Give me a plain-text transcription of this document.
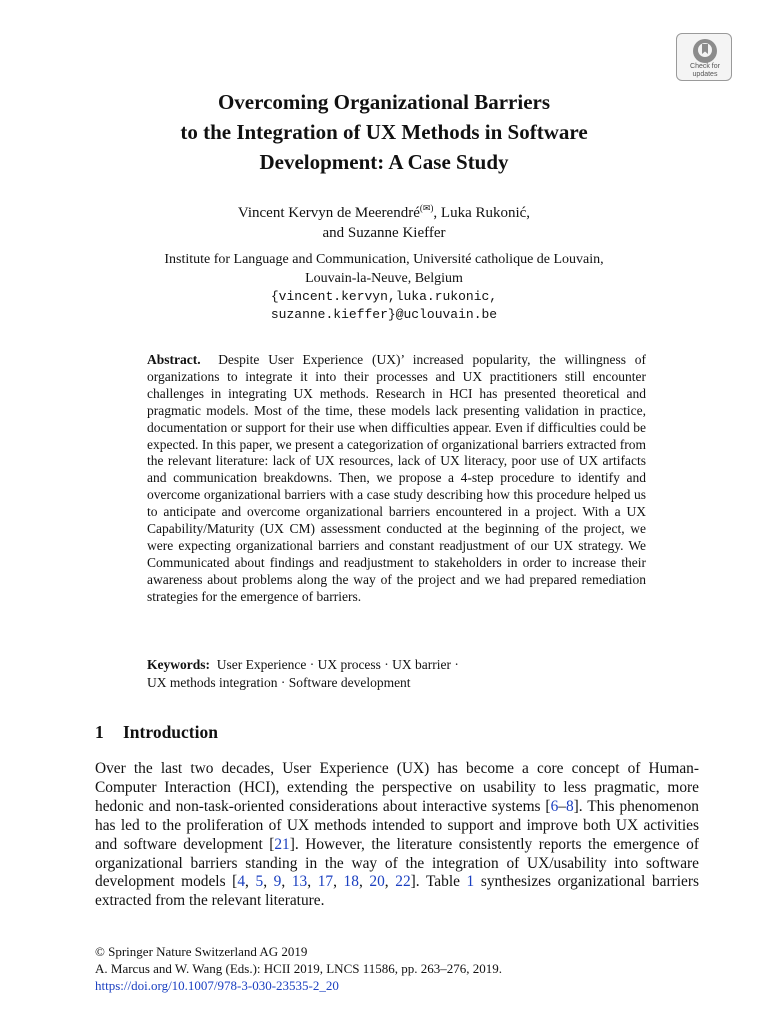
Check for
updates
Overcoming Organizational Barriers
to the Integration of UX Methods in Software
Development: A Case Study
Vincent Kervyn de Meerendré(✉), Luka Rukonić,
and Suzanne Kieffer
Institute for Language and Communication, Université catholique de Louvain,
Louvain-la-Neuve, Belgium
{vincent.kervyn,luka.rukonic,
suzanne.kieffer}@uclouvain.be
Abstract. Despite User Experience (UX)’ increased popularity, the willingness of organizations to integrate it into their processes and UX practitioners still encounter challenges in integrating UX methods. Research in HCI has presented theoretical and pragmatic models. Most of the time, these models lack presenting validation in practice, documentation or support for their use when difficulties appear. Even if difficulties could be expected. In this paper, we present a categorization of organizational barriers extracted from the relevant literature: lack of UX resources, lack of UX literacy, poor use of UX artifacts and communication breakdowns. Then, we propose a 4-step procedure to identify and overcome organizational barriers with a case study describing how this procedure helped us to anticipate and overcome organizational barriers encountered in a project. With a UX Capability/Maturity (UX CM) assessment conducted at the beginning of the project, we were expecting organizational barriers and constant readjustment of our UX strategy. We Communicated about findings and readjustment to stakeholders in order to increase their awareness about problems along the way of the project and we had prepared remediation strategies for the emergence of barriers.
Keywords: User Experience · UX process · UX barrier ·
UX methods integration · Software development
1 Introduction
Over the last two decades, User Experience (UX) has become a core concept of Human-Computer Interaction (HCI), extending the perspective on usability to less pragmatic, more hedonic and non-task-oriented considerations about interactive systems [6–8]. This phenomenon has led to the proliferation of UX methods intended to support and improve both UX activities and software development [21]. However, the literature consistently reports the emergence of organizational barriers standing in the way of the integration of UX/usability into software development models [4, 5, 9, 13, 17, 18, 20, 22]. Table 1 synthesizes organizational barriers extracted from the relevant literature.
© Springer Nature Switzerland AG 2019
A. Marcus and W. Wang (Eds.): HCII 2019, LNCS 11586, pp. 263–276, 2019.
https://doi.org/10.1007/978-3-030-23535-2_20
